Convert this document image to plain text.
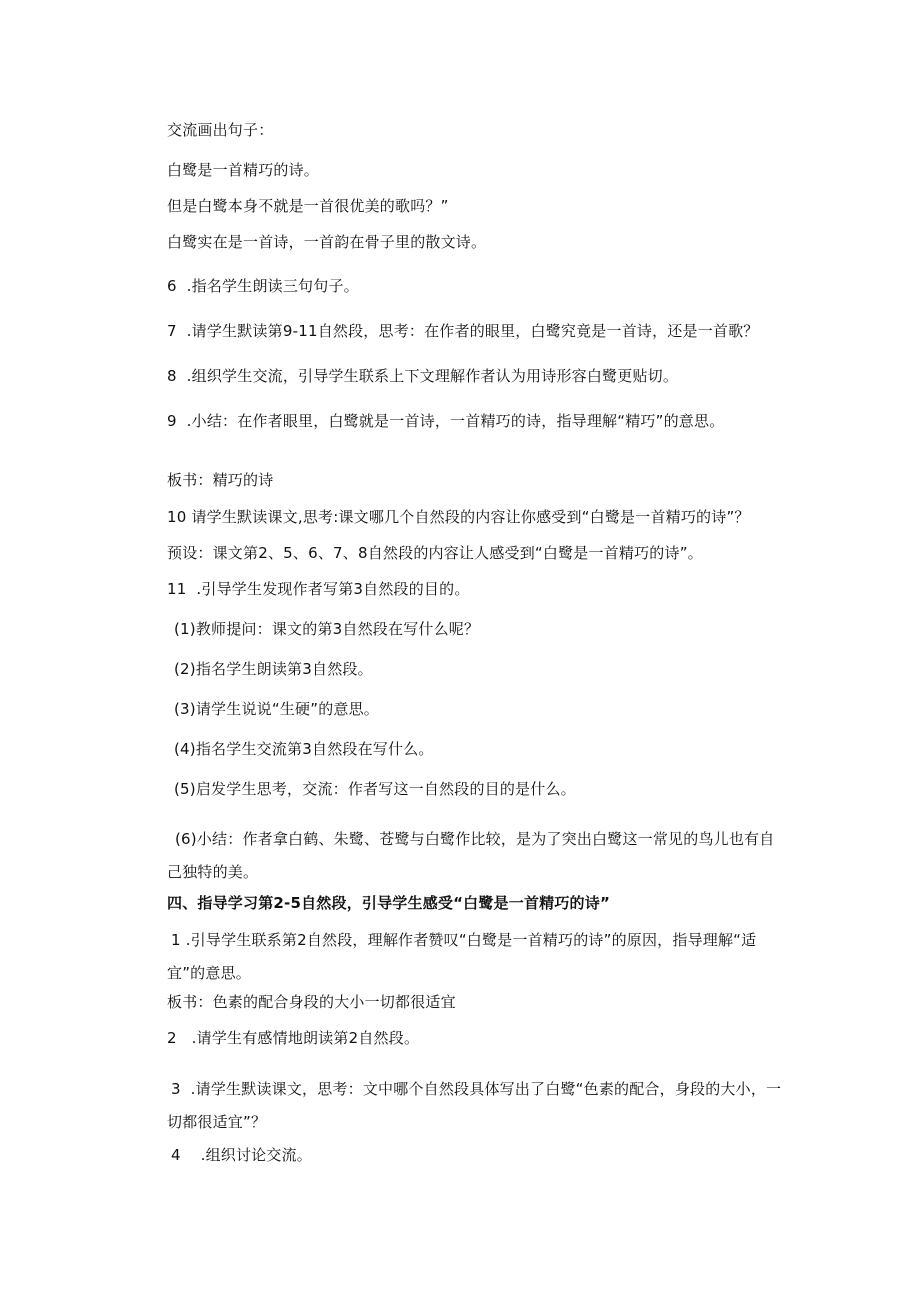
交流画出句子：
白鹭是一首精巧的诗。
但是白鹭本身不就是一首很优美的歌吗？”
白鹭实在是一首诗，一首韵在骨子里的散文诗。
6  .指名学生朗读三句句子。
7  .请学生默读第9-11自然段，思考：在作者的眼里，白鹭究竟是一首诗，还是一首歌？
8  .组织学生交流，引导学生联系上下文理解作者认为用诗形容白鹭更贴切。
9  .小结：在作者眼里，白鹭就是一首诗，一首精巧的诗，指导理解“精巧”的意思。
板书：精巧的诗
10 请学生默读课文,思考:课文哪几个自然段的内容让你感受到“白鹭是一首精巧的诗”？
预设：课文第2、5、6、7、8自然段的内容让人感受到“白鹭是一首精巧的诗”。
11  .引导学生发现作者写第3自然段的目的。
(1)教师提问：课文的第3自然段在写什么呢？
(2)指名学生朗读第3自然段。
(3)请学生说说“生硬”的意思。
(4)指名学生交流第3自然段在写什么。
(5)启发学生思考，交流：作者写这一自然段的目的是什么。
(6)小结：作者拿白鹤、朱鹭、苍鹭与白鹭作比较，是为了突出白鹭这一常见的鸟儿也有自己独特的美。
四、指导学习第2-5自然段，引导学生感受“白鹭是一首精巧的诗”
1 .引导学生联系第2自然段，理解作者赞叹“白鹭是一首精巧的诗”的原因，指导理解“适宜”的意思。
板书：色素的配合身段的大小一切都很适宜
2   .请学生有感情地朗读第2自然段。
3  .请学生默读课文，思考：文中哪个自然段具体写出了白鹭“色素的配合，身段的大小，一切都很适宜”？
4    .组织讨论交流。
